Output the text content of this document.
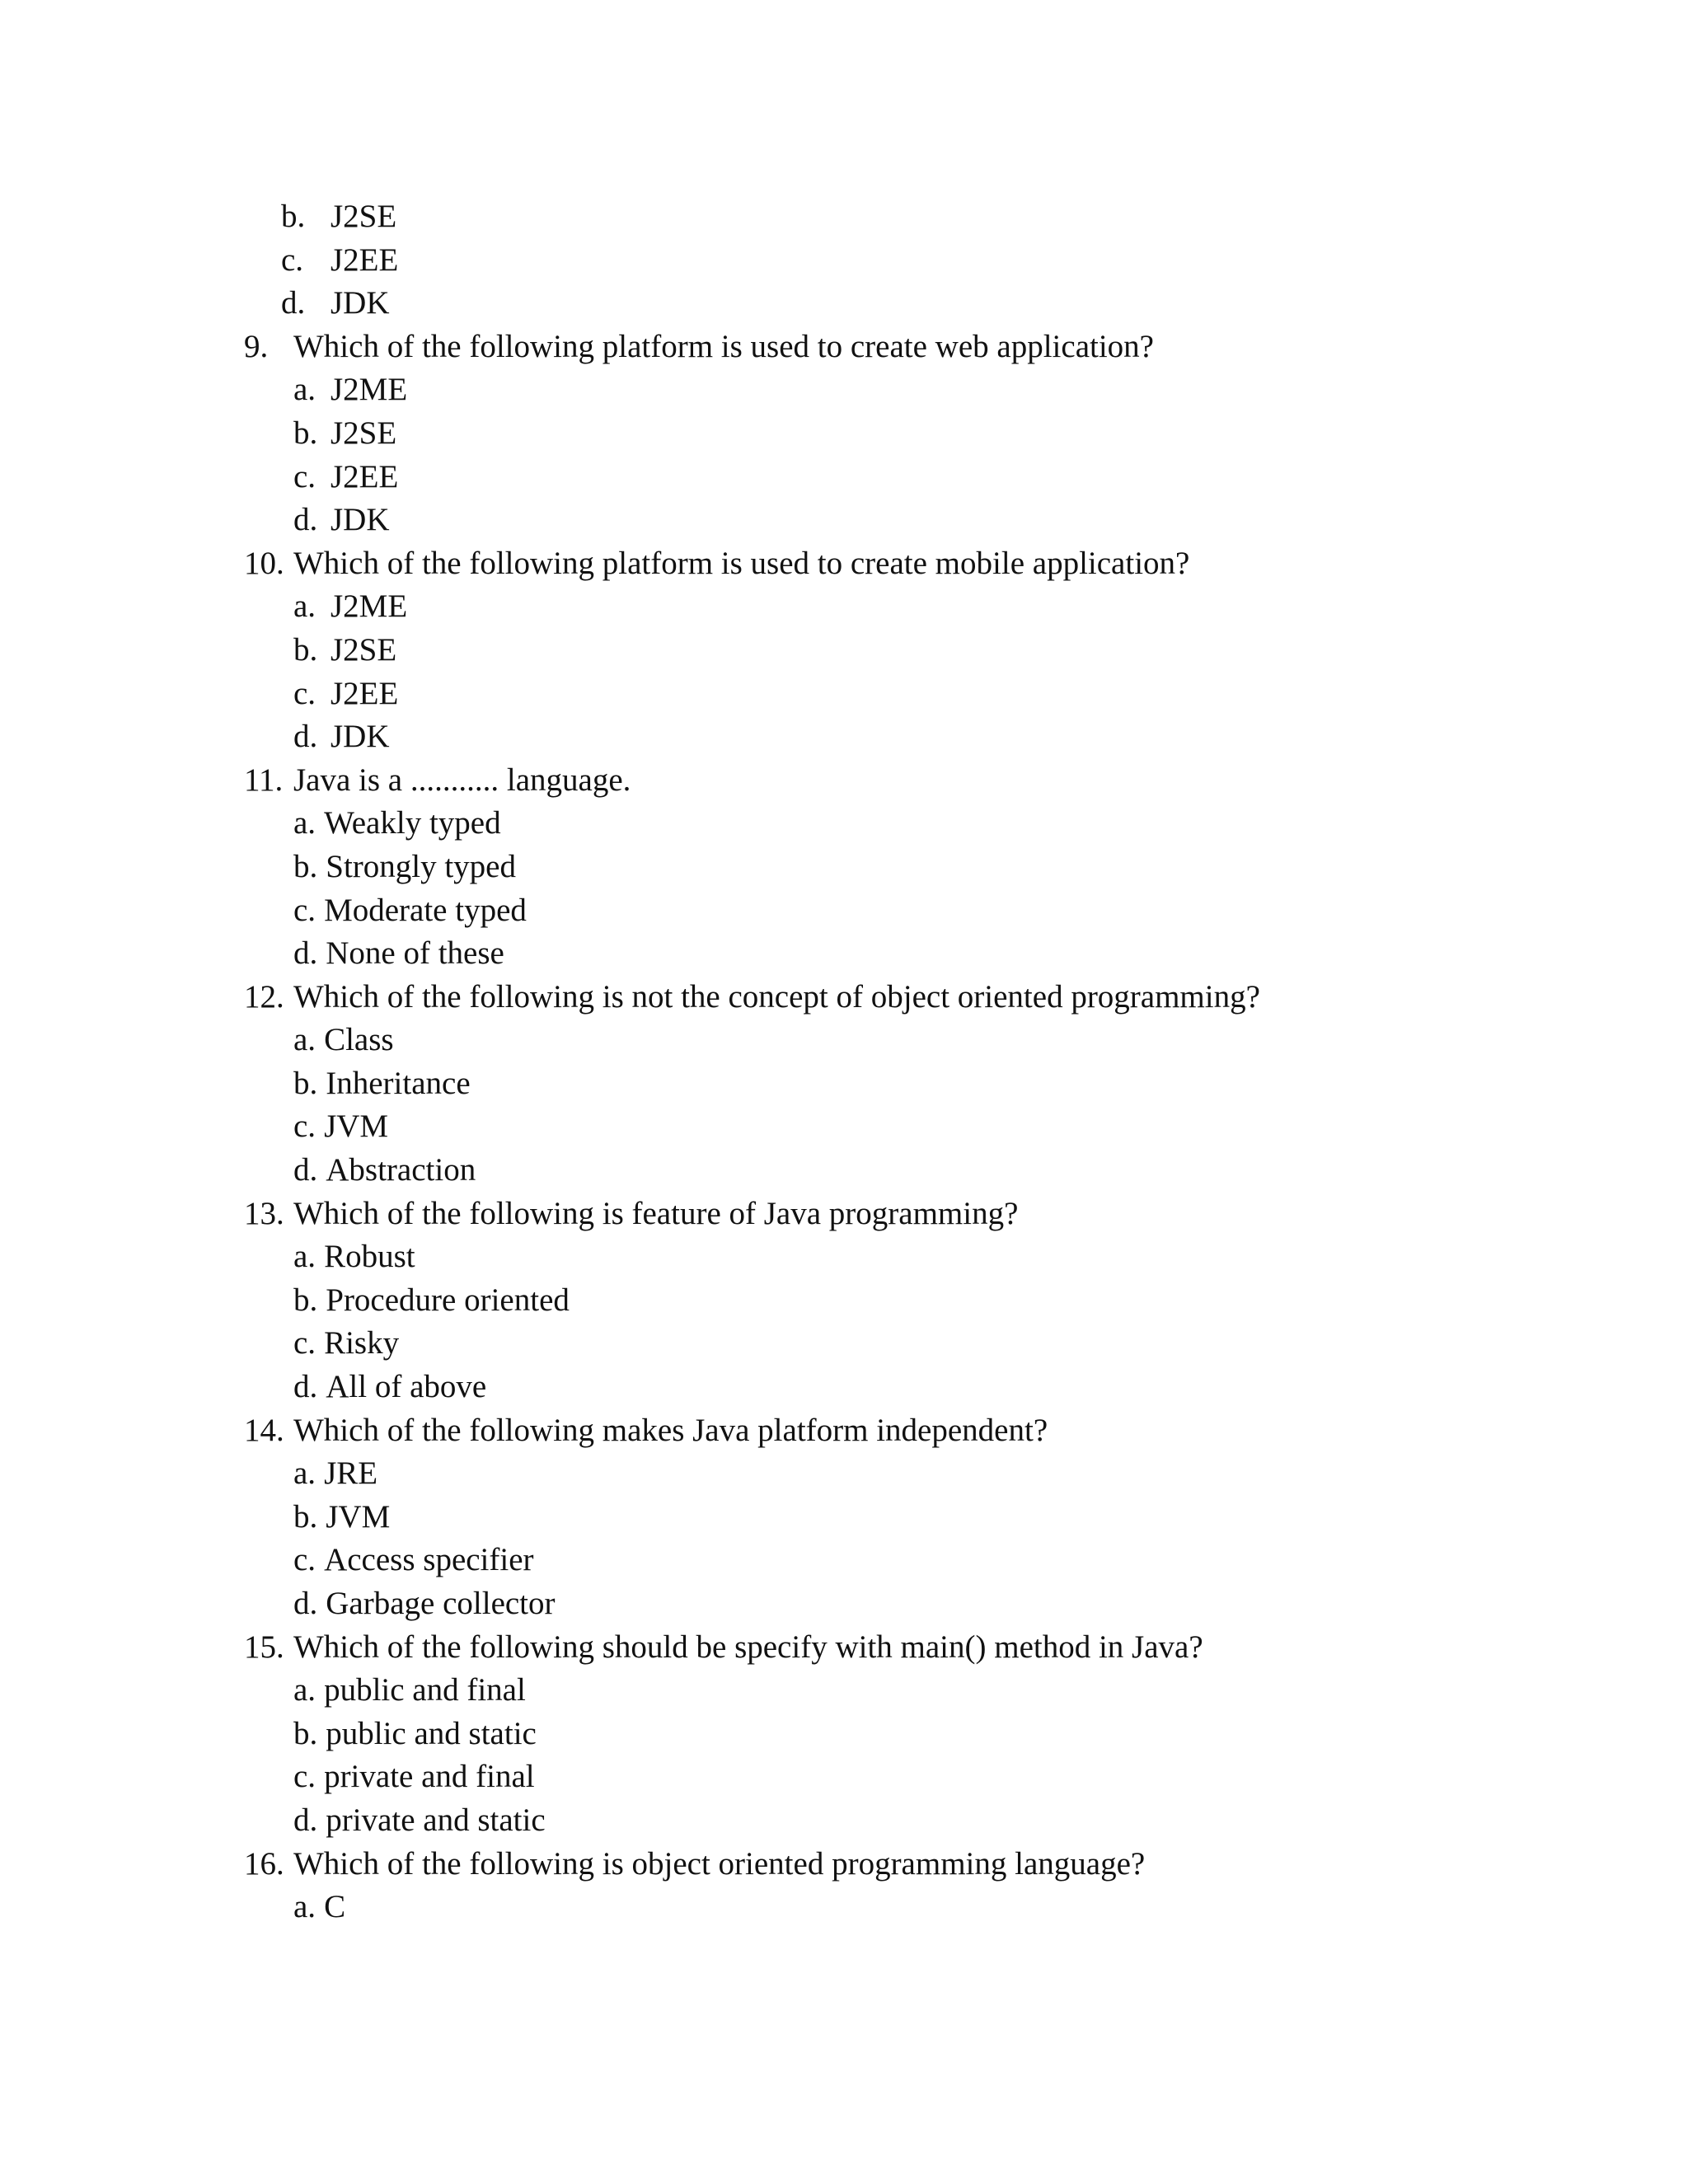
b. J2SE
c. J2EE
d. JDK
9. Which of the following platform is used to create web application?
a. J2ME
b. J2SE
c. J2EE
d. JDK
10. Which of the following platform is used to create mobile application?
a. J2ME
b. J2SE
c. J2EE
d. JDK
11. Java is a ........... language.
a. Weakly typed
b. Strongly typed
c. Moderate typed
d. None of these
12. Which of the following is not the concept of object oriented programming?
a. Class
b. Inheritance
c. JVM
d. Abstraction
13. Which of the following is feature of Java programming?
a. Robust
b. Procedure oriented
c. Risky
d. All of above
14. Which of the following makes Java platform independent?
a. JRE
b. JVM
c. Access specifier
d. Garbage collector
15. Which of the following should be specify with main() method in Java?
a. public and final
b. public and static
c. private and final
d. private and static
16. Which of the following is object oriented programming language?
a. C
